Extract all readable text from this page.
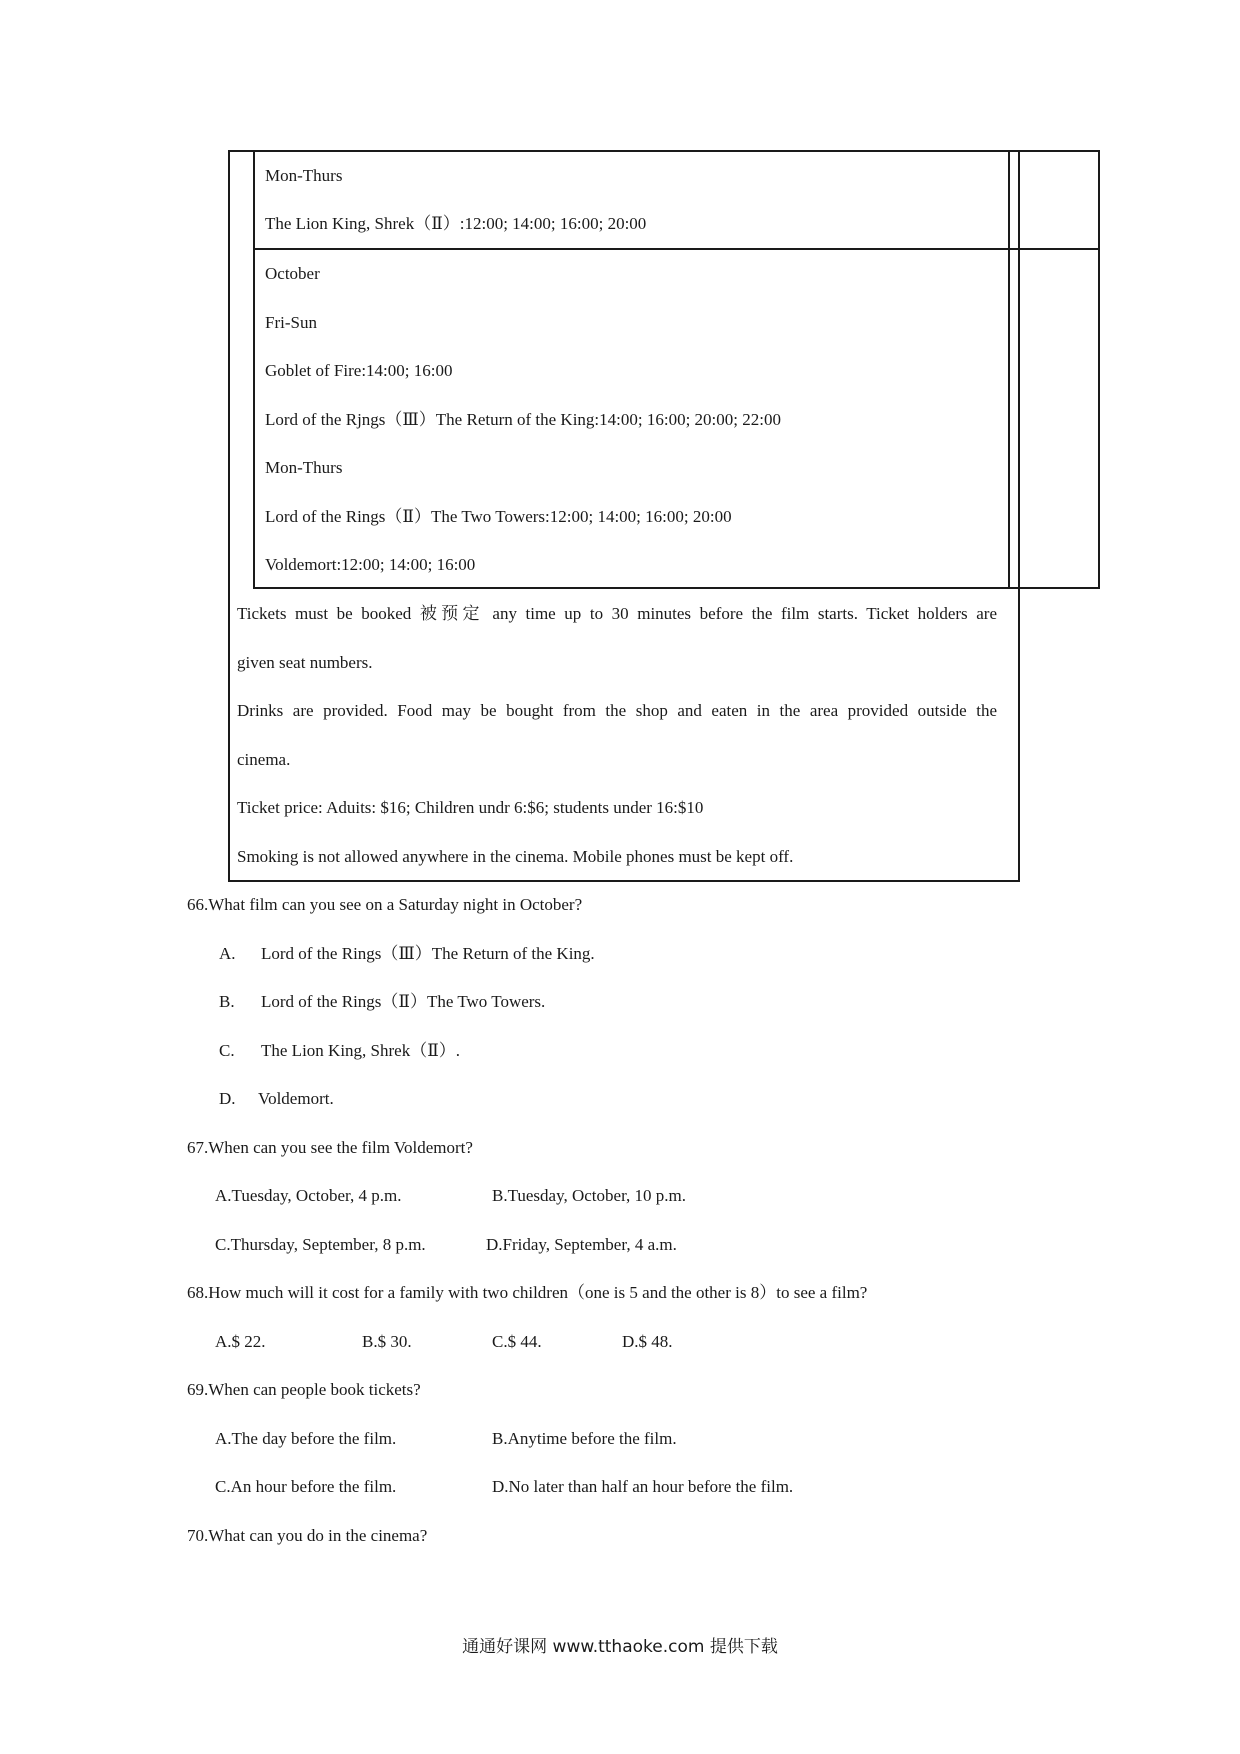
Mon-Thurs
The Lion King, Shrek（Ⅱ）:12:00; 14:00; 16:00; 20:00
October
Fri-Sun
Goblet of Fire:14:00; 16:00
Lord of the Rjngs（Ⅲ）The Return of the King:14:00; 16:00; 20:00; 22:00
Mon-Thurs
Lord of the Rings（Ⅱ）The Two Towers:12:00; 14:00; 16:00; 20:00
Voldemort:12:00; 14:00; 16:00
Tickets must be booked 被预定 any time up to 30 minutes before the film starts. Ticket holders are
given seat numbers.
Drinks are provided. Food may be bought from the shop and eaten in the area provided outside the
cinema.
Ticket price: Aduits: $16; Children undr 6:$6; students under 16:$10
Smoking is not allowed anywhere in the cinema. Mobile phones must be kept off.
66.What film can you see on a Saturday night in October?
A. Lord of the Rings（Ⅲ）The Return of the King.
B. Lord of the Rings（Ⅱ）The Two Towers.
C. The Lion King, Shrek（Ⅱ）.
D. Voldemort.
67.When can you see the film Voldemort?
A.Tuesday, October, 4 p.m.	B.Tuesday, October, 10 p.m.
C.Thursday, September, 8 p.m.	D.Friday, September, 4 a.m.
68.How much will it cost for a family with two children（one is 5 and the other is 8）to see a film?
A.$ 22.	B.$ 30.	C.$ 44.	D.$ 48.
69.When can people book tickets?
A.The day before the film.	B.Anytime before the film.
C.An hour before the film.	D.No later than half an hour before the film.
70.What can you do in the cinema?
通通好课网 www.tthaoke.com 提供下载
